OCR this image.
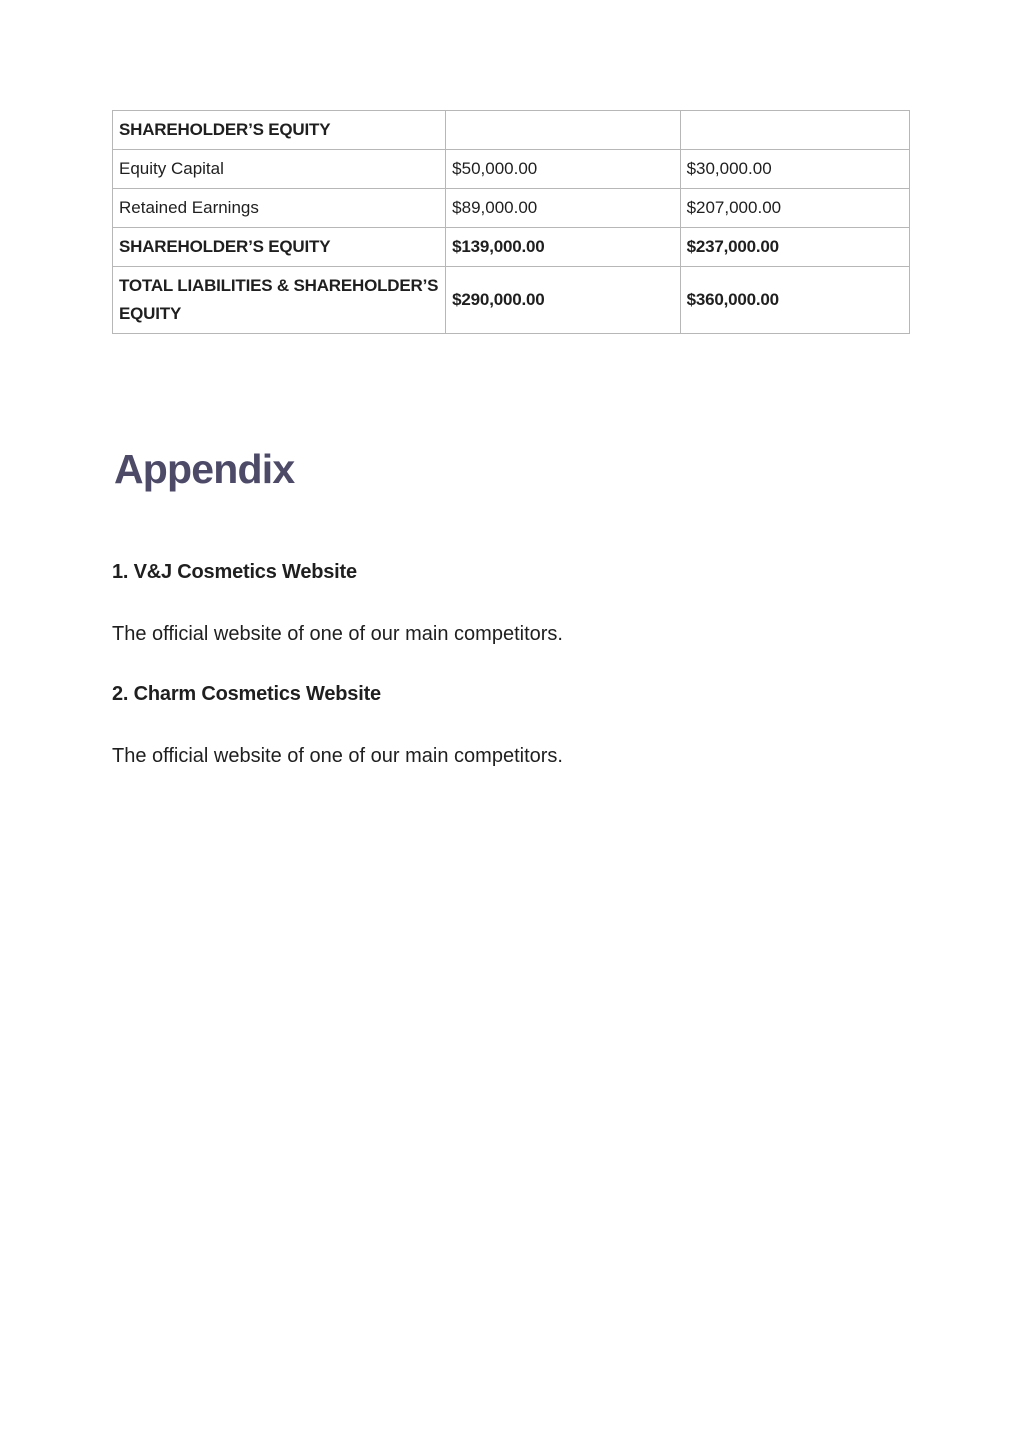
SHAREHOLDER’S EQUITY		
Equity Capital	$50,000.00	$30,000.00
Retained Earnings	$89,000.00	$207,000.00
SHAREHOLDER’S EQUITY	$139,000.00	$237,000.00
TOTAL LIABILITIES & SHAREHOLDER’S EQUITY	$290,000.00	$360,000.00
Appendix
1. V&J Cosmetics Website

The official website of one of our main competitors.

2. Charm Cosmetics Website

The official website of one of our main competitors.
